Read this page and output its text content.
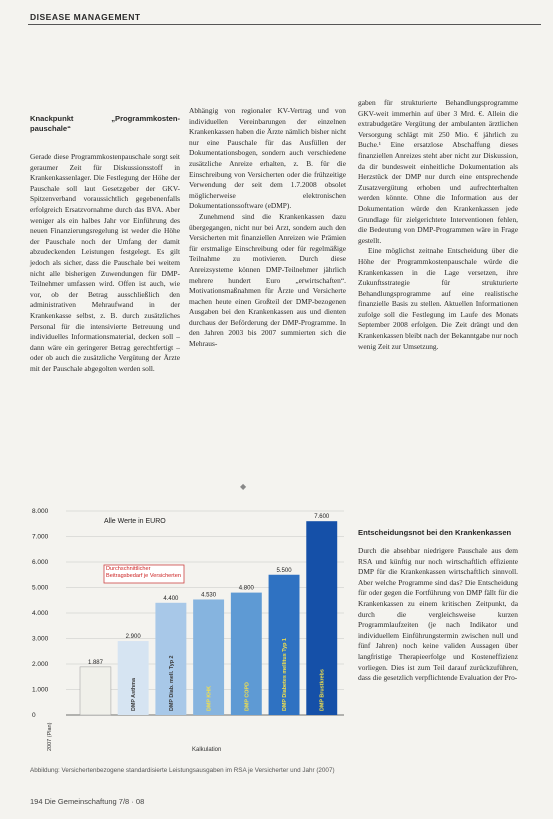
DISEASE MANAGEMENT
Knackpunkt „Programmkosten-pauschale“

Gerade diese Programmkostenpauschale sorgt seit geraumer Zeit für Diskussionsstoff in Krankenkassenlager. Die Festlegung der Höhe der Pauschale soll laut Gesetzgeber der GKV-Spitzenverband voraussichtlich gegebenenfalls erfolgreich Ersatzvornahme durch das BVA. Aber weniger als ein halbes Jahr vor Einführung des neuen Finanzierungsregelung ist weder die Höhe der Pauschale noch der Umfang der damit abzudeckenden Leistungen festgelegt. Es gilt jedoch als sicher, dass die Pauschale bei weitem nicht alle bisherigen Zuwendungen für DMP-Teilnehmer umfassen wird. Offen ist auch, wie vor, ob der Betrag ausschließlich den administrativen Mehraufwand in der Krankenkasse selbst, z. B. durch zusätzliches Personal für die intensivierte Betreuung und individuelles Informationsmaterial, decken soll – dann wäre ein geringerer Betrag gerechtfertigt – oder ob auch die zusätzliche Vergütung der Ärzte mit der Pauschale abgegolten werden soll.

Abhängig von regionaler KV-Vertrag und von individuellen Vereinbarungen der einzelnen Krankenkassen haben die Ärzte nämlich bisher nicht nur eine Pauschale für das Ausfüllen der Dokumentationsbogen, sondern auch verschiedene zusätzliche Anreize erhalten, z. B. für die Einschreibung von Versicherten oder die frühzeitige Verwendung der seit dem 1.7.2008 obsolet möglicherweise elektronischen Dokumentationssoftware (eDMP).

Zunehmend sind die Krankenkassen dazu übergegangen, nicht nur bei Arzt, sondern auch den Versicherten mit finanziellen Anreizen wie Prämien für erstmalige Einschreibung oder für regelmäßige Teilnahme zu motivieren. Durch diese Anreizsysteme können DMP-Teilnehmer jährlich mehrere hundert Euro „erwirtschaften“. Motivationsmaßnahmen für Ärzte und Versicherte machen heute einen Großteil der DMP-bezogenen Ausgaben bei den Krankenkassen aus und dienten durchaus der Beförderung der DMP-Programme. In den Jahren 2003 bis 2007 summierten sich die Mehraus-

gaben für strukturierte Behandlungsprogramme GKV-weit immerhin auf über 3 Mrd. €. Allein die extrabudgetäre Vergütung der ambulanten ärztlichen Versorgung schlägt mit 250 Mio. € jährlich zu Buche.¹ Eine ersatzlose Abschaffung dieses finanziellen Anreizes steht aber nicht zur Diskussion, da dir bundesweit einheitliche Dokumentation als Herzstück der DMP nur durch eine entsprechende Zusatzvergütung erhoben und aufrechterhalten werden könnte. Ohne die Information aus der Dokumentation würde den Krankenkassen jede Grundlage für zielgerichtete Interventionen fehlen, die Bedeutung von DMP-Programmen wäre in Frage gestellt.

Eine möglichst zeitnahe Entscheidung über die Höhe der Programmkostenpauschale würde die Krankenkassen in die Lage versetzen, ihre Zukunftsstrategie für strukturierte Behandlungsprogramme auf eine realistische finanzielle Basis zu stellen. Aktuellen Informationen zufolge soll die Festlegung im Laufe des Monats September 2008 erfolgen. Die Zeit drängt und den Krankenkassen bleibt nach der Bekanntgabe nur noch wenig Zeit zur Umsetzung.

Entscheidungsnot bei den Krankenkassen

Durch die absehbar niedrigere Pauschale aus dem RSA und künftig nur noch wirtschaftlich effiziente DMP für die Krankenkassen wirtschaftlich sinnvoll. Aber welche Programme sind das? Die Entscheidung für oder gegen die Fortführung von DMP fällt für die Krankenkassen zu einem kritischen Zeitpunkt, da durch die vergleichsweise kurzen Programmlaufzeiten (je nach Indikator und individuellem Einführungstermin zwischen null und fünf Jahren) noch keine validen Aussagen über langfristige Therapieerfolge und Kosteneffizienz vorliegen. Dies ist zum Teil darauf zurückzuführen, dass die gesetzlich verpflichtende Evaluation der Pro-

◆
0
1.000
2.000
3.000
4.000
5.000
6.000
7.000
8.000
1.887
2.900
DMP Asthma
4.400
DMP Diab. mell. Typ 2
4.530
DMP KHK
4.800
DMP COPD
5.500
DMP Diabetes mellitus Typ 1
7.600
DMP Brustkrebs
Alle Werte in EURO
Durchschnittlicher Beitragsbedarf je Versicherten
2007 (Plan)	Kalkulation
Abbildung: Versichertenbezogene standardisierte Leistungsausgaben im RSA je Versicherter und Jahr (2007)
194 Die Gemeinschaftung 7/8 · 08
